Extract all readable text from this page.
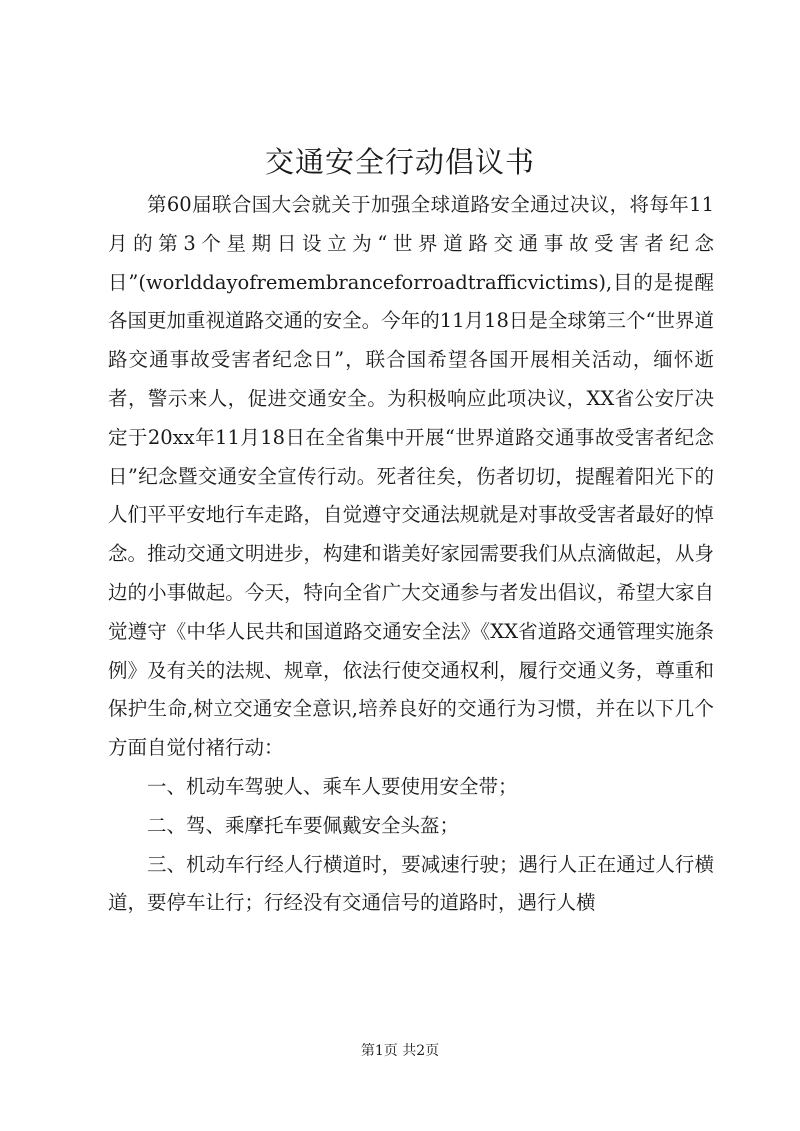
交通安全行动倡议书

第60届联合国大会就关于加强全球道路安全通过决议，将每年11月的第3个星期日设立为“世界道路交通事故受害者纪念日”(worlddayofremembranceforroadtrafficvictims),目的是提醒各国更加重视道路交通的安全。今年的11月18日是全球第三个“世界道路交通事故受害者纪念日”，联合国希望各国开展相关活动，缅怀逝者，警示来人，促进交通安全。为积极响应此项决议，XX省公安厅决定于20xx年11月18日在全省集中开展“世界道路交通事故受害者纪念日”纪念暨交通安全宣传行动。死者往矣，伤者切切，提醒着阳光下的人们平平安地行车走路，自觉遵守交通法规就是对事故受害者最好的悼念。推动交通文明进步，构建和谐美好家园需要我们从点滴做起，从身边的小事做起。今天，特向全省广大交通参与者发出倡议，希望大家自觉遵守《中华人民共和国道路交通安全法》《XX省道路交通管理实施条例》及有关的法规、规章，依法行使交通权利，履行交通义务，尊重和保护生命,树立交通安全意识,培养良好的交通行为习惯，并在以下几个方面自觉付褚行动：

一、机动车驾驶人、乘车人要使用安全带；

二、驾、乘摩托车要佩戴安全头盔；

三、机动车行经人行横道时，要减速行驶；遇行人正在通过人行横道，要停车让行；行经没有交通信号的道路时，遇行人横

第1页 共2页
